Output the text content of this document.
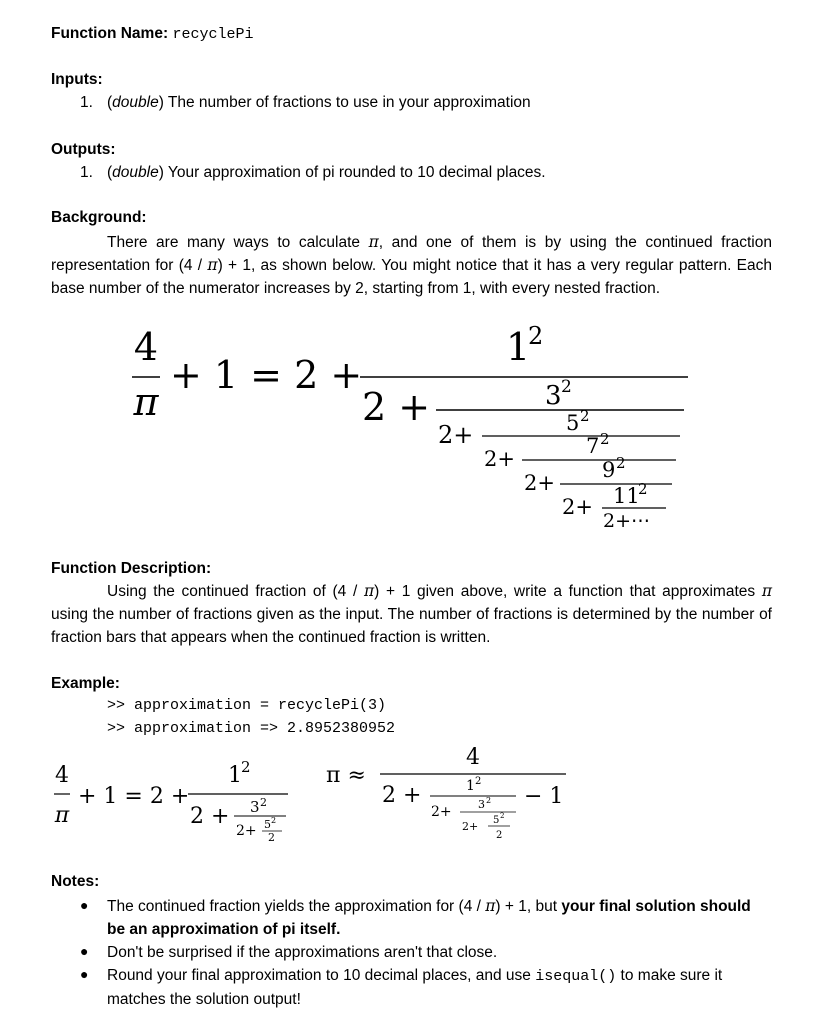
Function Name: recyclePi
Inputs:
1. (double) The number of fractions to use in your approximation
Outputs:
1. (double) Your approximation of pi rounded to 10 decimal places.
Background:
There are many ways to calculate π, and one of them is by using the continued fraction representation for (4 / π) + 1, as shown below. You might notice that it has a very regular pattern. Each base number of the numerator increases by 2, starting from 1, with every nested fraction.
4
π
+ 1 = 2 +
1
2
2 +	3 2
2+	5 2
2+
7 2
2+
9 2
2+ 11
2
2+⋯
Function Description:
Using the continued fraction of (4 / π) + 1 given above, write a function that approximates π using the number of fractions given as the input. The number of fractions is determined by the number of fraction bars that appears when the continued fraction is written.
Example:
>> approximation = recyclePi(3)
>> approximation => 2.8952380952
4
π
+ 1 = 2 +
1 2
2 + 3 2
2+ 5 2
2
π ≈
4
2 +	1 2
2+ 3 2
2+ 5 2
2
− 1
Notes:
● The continued fraction yields the approximation for (4 / π) + 1, but your final solution should be an approximation of pi itself.
● Don't be surprised if the approximations aren't that close.
● Round your final approximation to 10 decimal places, and use isequal() to make sure it matches the solution output!
